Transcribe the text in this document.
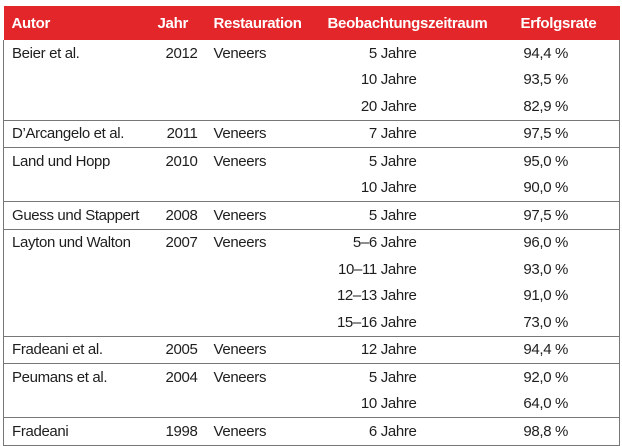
Autor	Jahr	Restauration	Beobachtungszeitraum	Erfolgsrate
Beier et al.	2012	Veneers	5 Jahre	94,4 %
			10 Jahre	93,5 %
			20 Jahre	82,9 %
D’Arcangelo et al.	2011	Veneers	7 Jahre	97,5 %
Land und Hopp	2010	Veneers	5 Jahre	95,0 %
			10 Jahre	90,0 %
Guess und Stappert	2008	Veneers	5 Jahre	97,5 %
Layton und Walton	2007	Veneers	5–6 Jahre	96,0 %
			10–11 Jahre	93,0 %
			12–13 Jahre	91,0 %
			15–16 Jahre	73,0 %
Fradeani et al.	2005	Veneers	12 Jahre	94,4 %
Peumans et al.	2004	Veneers	5 Jahre	92,0 %
			10 Jahre	64,0 %
Fradeani	1998	Veneers	6 Jahre	98,8 %
